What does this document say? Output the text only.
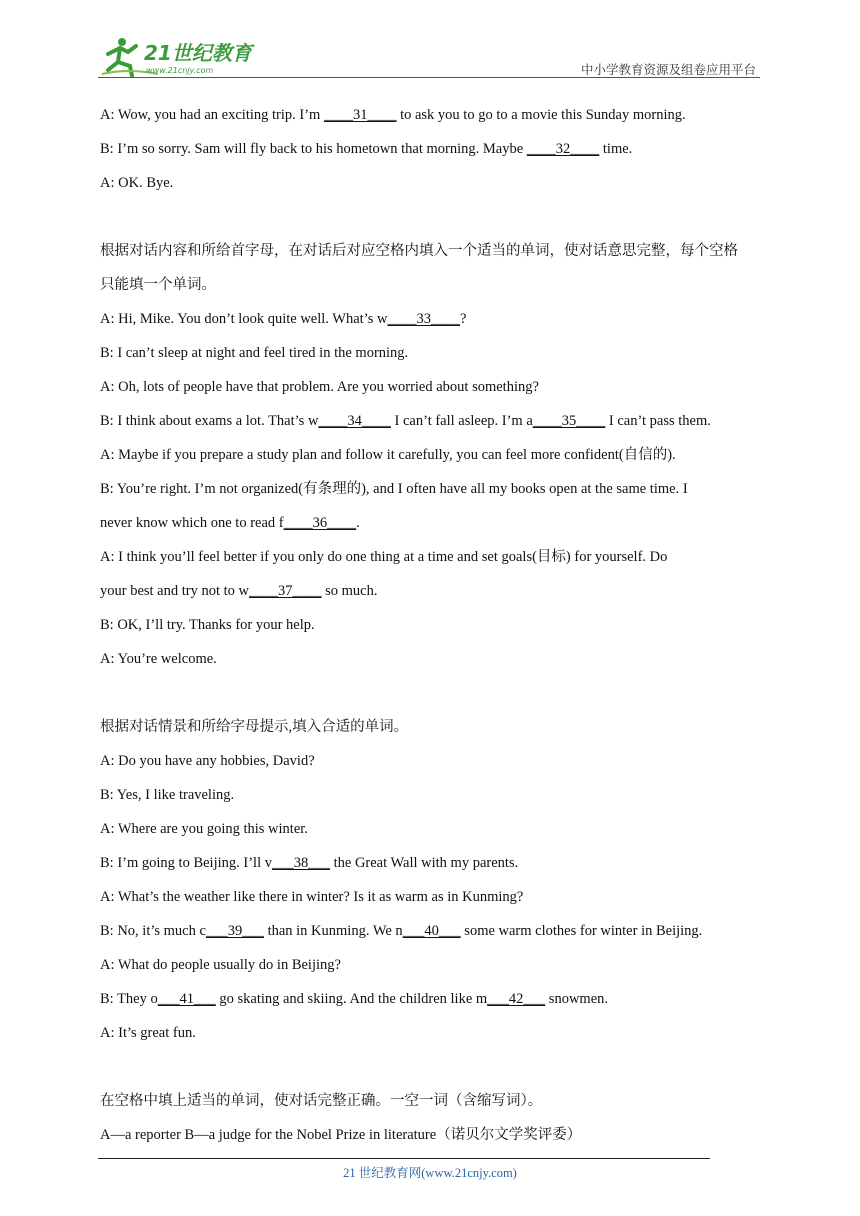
21世纪教育
www.21cnjy.com	中小学教育资源及组卷应用平台
A: Wow, you had an exciting trip. I’m ____31____ to ask you to go to a movie this Sunday morning.
B: I’m so sorry. Sam will fly back to his hometown that morning. Maybe ____32____ time.
A: OK. Bye.
根据对话内容和所给首字母，在对话后对应空格内填入一个适当的单词，使对话意思完整，每个空格
只能填一个单词。
A: Hi, Mike. You don’t look quite well. What’s w____33____?
B: I can’t sleep at night and feel tired in the morning.
A: Oh, lots of people have that problem. Are you worried about something?
B: I think about exams a lot. That’s w____34____ I can’t fall asleep. I’m a____35____ I can’t pass them.
A: Maybe if you prepare a study plan and follow it carefully, you can feel more confident(自信的).
B: You’re right. I’m not organized(有条理的), and I often have all my books open at the same time. I
never know which one to read f____36____.
A: I think you’ll feel better if you only do one thing at a time and set goals(目标) for yourself. Do
your best and try not to w____37____ so much.
B: OK, I’ll try. Thanks for your help.
A: You’re welcome.
根据对话情景和所给字母提示,填入合适的单词。
A: Do you have any hobbies, David?
B: Yes, I like traveling.
A: Where are you going this winter.
B: I’m going to Beijing. I’ll v___38___ the Great Wall with my parents.
A: What’s the weather like there in winter? Is it as warm as in Kunming?
B: No, it’s much c___39___ than in Kunming. We n___40___ some warm clothes for winter in Beijing.
A: What do people usually do in Beijing?
B: They o___41___ go skating and skiing. And the children like m___42___ snowmen.
A: It’s great fun.
在空格中填上适当的单词，使对话完整正确。一空一词（含缩写词）。
A—a reporter B—a judge for the Nobel Prize in literature（诺贝尔文学奖评委）
21 世纪教育网(www.21cnjy.com)
